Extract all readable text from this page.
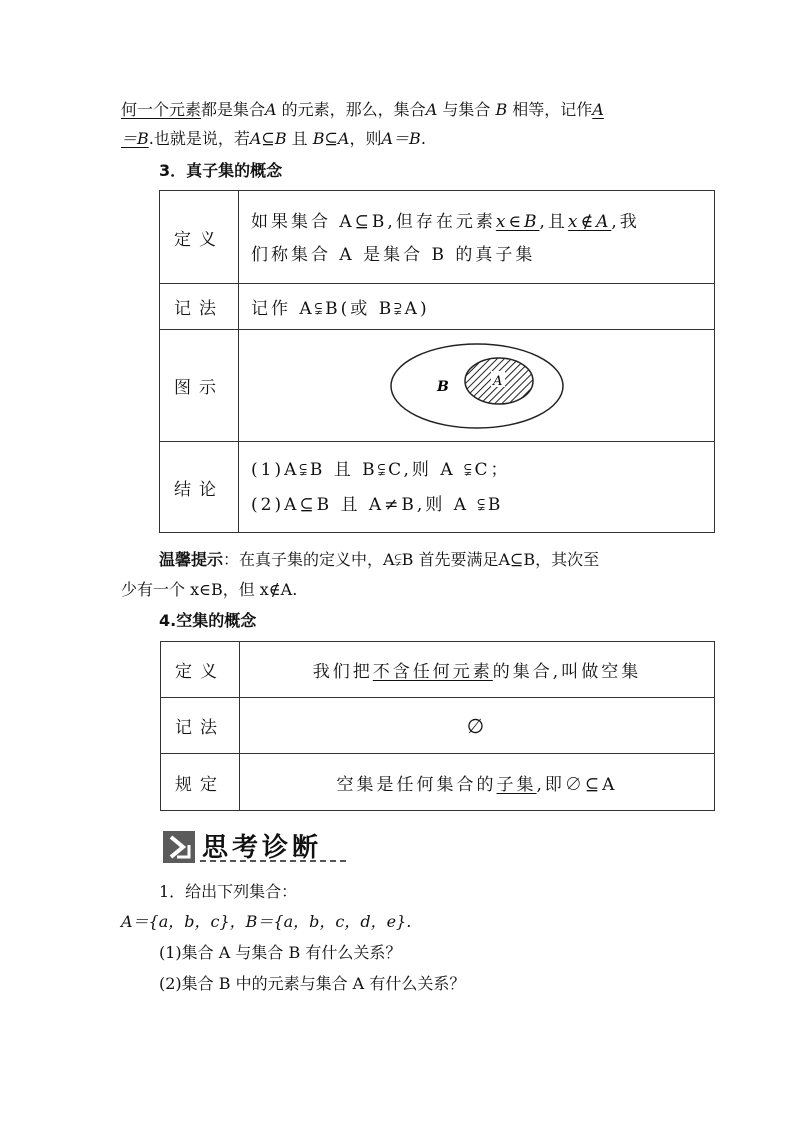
何一个元素都是集合A 的元素，那么，集合A 与集合 B 相等，记作A
＝B.也就是说，若A⊆B 且 B⊆A，则A＝B.
3．真子集的概念
定义	如果集合 A⊆B,但存在元素x∈B,且x∉A,我
们称集合 A 是集合 B 的真子集

记法	记作 A⫋B(或 B⫌A)
图示	B A

结论	(1)A⫋B 且 B⫋C,则 A ⫋C；
(2)A⊆B 且 A≠B,则 A ⫋B
温馨提示：在真子集的定义中，A⫋B 首先要满足A⊆B，其次至
少有一个 x∈B，但 x∉A.
4.空集的概念
定义	我们把不含任何元素的集合,叫做空集
记法	∅
规定	空集是任何集合的子集,即∅⊆A
思考诊断
1．给出下列集合：
A＝{a，b，c}，B＝{a，b，c，d，e}.
(1)集合 A 与集合 B 有什么关系？
(2)集合 B 中的元素与集合 A 有什么关系？
